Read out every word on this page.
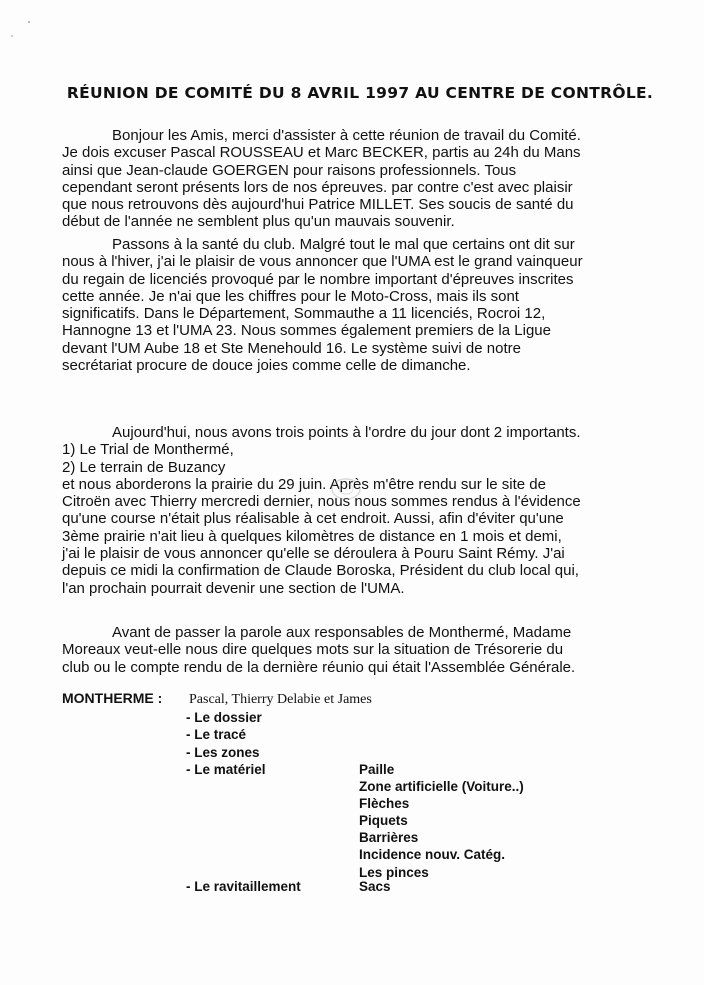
RÉUNION DE COMITÉ DU 8 AVRIL 1997 AU CENTRE DE CONTRÔLE.
Bonjour les Amis, merci d'assister à cette réunion de travail du Comité.
Je dois excuser Pascal ROUSSEAU et Marc BECKER, partis au 24h du Mans
ainsi que Jean-claude GOERGEN pour raisons professionnels. Tous
cependant seront présents lors de nos épreuves. par contre c'est avec plaisir
que nous retrouvons dès aujourd'hui Patrice MILLET. Ses soucis de santé du
début de l'année ne semblent plus qu'un mauvais souvenir.
Passons à la santé du club. Malgré tout le mal que certains ont dit sur
nous à l'hiver, j'ai le plaisir de vous annoncer que l'UMA est le grand vainqueur
du regain de licenciés provoqué par le nombre important d'épreuves inscrites
cette année. Je n'ai que les chiffres pour le Moto-Cross, mais ils sont
significatifs. Dans le Département, Sommauthe a 11 licenciés, Rocroi 12,
Hannogne 13 et l'UMA 23. Nous sommes également premiers de la Ligue
devant l'UM Aube 18 et Ste Menehould 16. Le système suivi de notre
secrétariat procure de douce joies comme celle de dimanche.
Aujourd'hui, nous avons trois points à l'ordre du jour dont 2 importants.
1) Le Trial de Monthermé,
2) Le terrain de Buzancy
et nous aborderons la prairie du 29 juin. Après m'être rendu sur le site de
Citroën avec Thierry mercredi dernier, nous nous sommes rendus à l'évidence
qu'une course n'était plus réalisable à cet endroit. Aussi, afin d'éviter qu'une
3ème prairie n'ait lieu à quelques kilomètres de distance en 1 mois et demi,
j'ai le plaisir de vous annoncer qu'elle se déroulera à Pouru Saint Rémy. J'ai
depuis ce midi la confirmation de Claude Boroska, Président du club local qui,
l'an prochain pourrait devenir une section de l'UMA.
Avant de passer la parole aux responsables de Monthermé, Madame
Moreaux veut-elle nous dire quelques mots sur la situation de Trésorerie du
club ou le compte rendu de la dernière réunio qui était l'Assemblée Générale.
MONTHERME : Pascal, Thierry Delabie et James
- Le dossier
- Le tracé
- Les zones
- Le matériel	Paille
Zone artificielle (Voiture..)
Flèches
Piquets
Barrières
Incidence nouv. Catég.
Les pinces
- Le ravitaillement	Sacs
